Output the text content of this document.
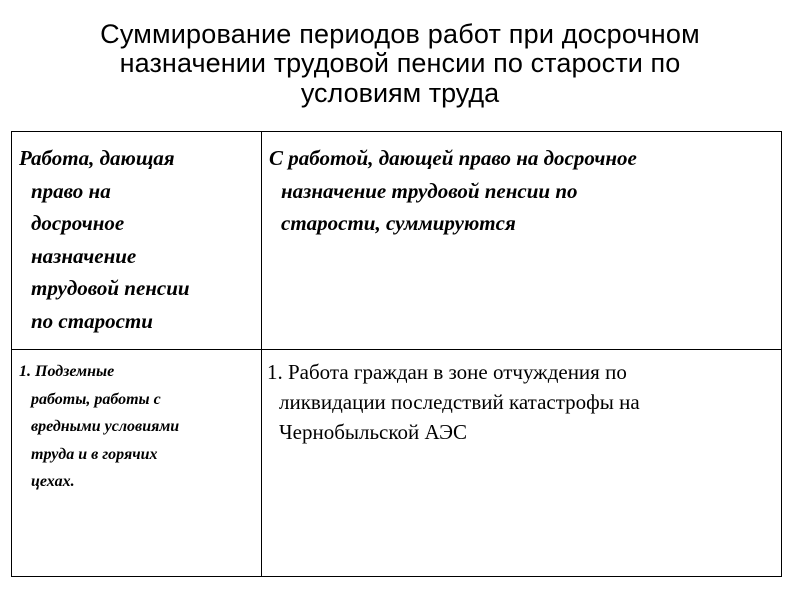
Суммирование периодов работ при досрочном
назначении трудовой пенсии по старости по
условиям труда
Работа, дающая
право на
досрочное
назначение
трудовой пенсии
по старости
С работой, дающей право на досрочное
назначение трудовой пенсии по
старости, суммируются
1. Подземные
работы, работы с
вредными условиями
труда и в горячих
цехах.
1. Работа граждан в зоне отчуждения по
ликвидации последствий катастрофы на
Чернобыльской АЭС
